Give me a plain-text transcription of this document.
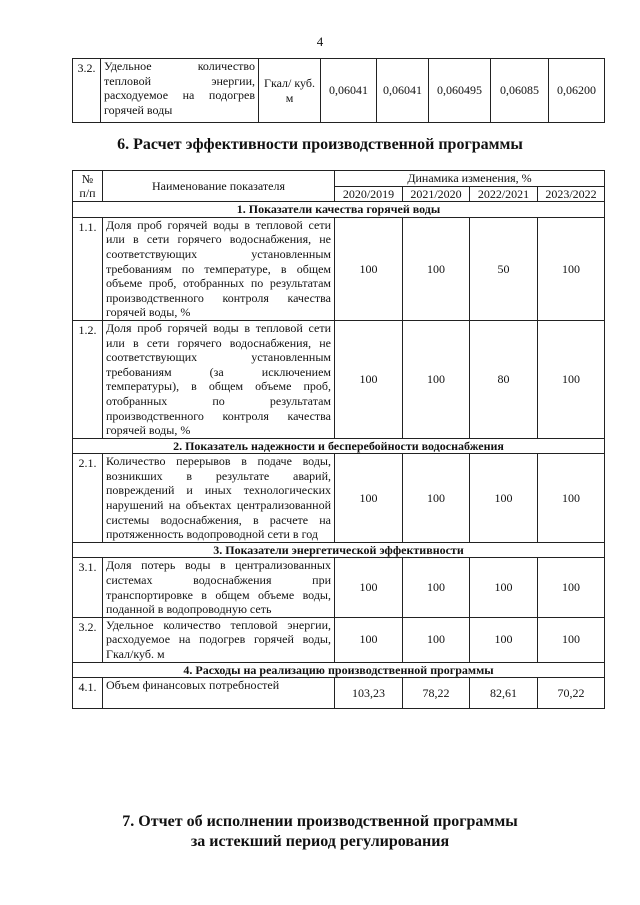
4
3.2.	Удельное количество тепловой энергии, расходуемое на подогрев горячей воды	Гкал/ куб. м	0,06041	0,06041	0,060495	0,06085	0,06200
6. Расчет эффективности производственной программы
№ п/п	Наименование показателя	Динамика изменения, %			
		2020/2019	2021/2020	2022/2021	2023/2022
1. Показатели качества горячей воды					
1.1.	Доля проб горячей воды в тепловой сети или в сети горячего водоснабжения, не соответствующих установленным требованиям по температуре, в общем объеме проб, отобранных по результатам производственного контроля качества горячей воды, %	100	100	50	100
1.2.	Доля проб горячей воды в тепловой сети или в сети горячего водоснабжения, не соответствующих установленным требованиям (за исключением температуры), в общем объеме проб, отобранных по результатам производственного контроля качества горячей воды, %	100	100	80	100
2. Показатель надежности и бесперебойности водоснабжения					
2.1.	Количество перерывов в подаче воды, возникших в результате аварий, повреждений и иных технологических нарушений на объектах централизованной системы водоснабжения, в расчете на протяженность водопроводной сети в год	100	100	100	100
3. Показатели энергетической эффективности					
3.1.	Доля потерь воды в централизованных системах водоснабжения при транспортировке в общем объеме воды, поданной в водопроводную сеть	100	100	100	100
3.2.	Удельное количество тепловой энергии, расходуемое на подогрев горячей воды, Гкал/куб. м	100	100	100	100
4. Расходы на реализацию производственной программы					
4.1.	Объем финансовых потребностей	103,23	78,22	82,61	70,22
7. Отчет об исполнении производственной программы
за истекший период регулирования
